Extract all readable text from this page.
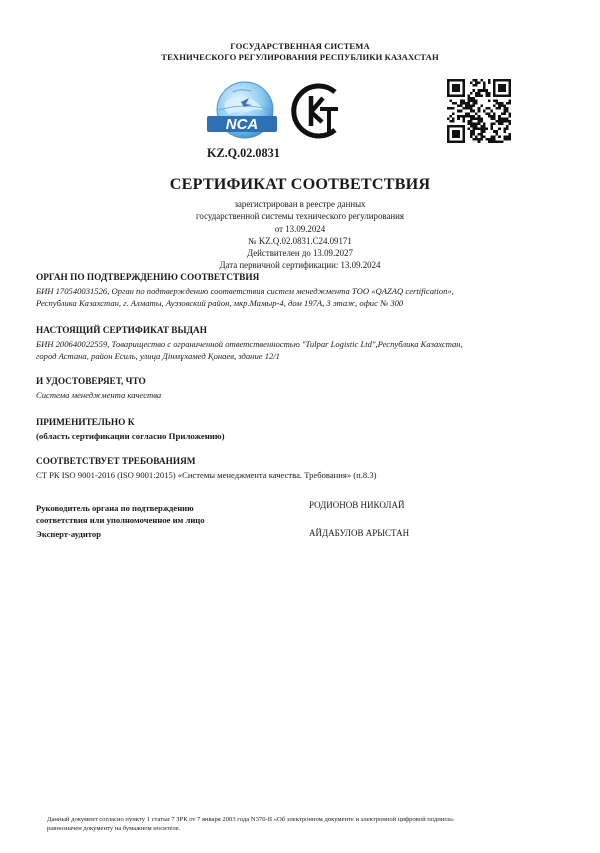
ГОСУДАРСТВЕННАЯ СИСТЕМА
ТЕХНИЧЕСКОГО РЕГУЛИРОВАНИЯ РЕСПУБЛИКИ КАЗАХСТАН
NCA
KZ.Q.02.0831
СЕРТИФИКАТ СООТВЕТСТВИЯ
зарегистрирован в реестре данных
государственной системы технического регулирования
от 13.09.2024
№ KZ.Q.02.0831.C24.09171
Действителен до 13.09.2027
Дата первичной сертификации: 13.09.2024
ОРГАН ПО ПОДТВЕРЖДЕНИЮ СООТВЕТСТВИЯ
БИН 170540031526, Орган по подтверждению соответствия систем менеджмента ТОО «QAZAQ certification»,
Республика Казахстан, г. Алматы, Ауэзовский район, мкр.Мамыр-4, дом 197А, 3 этаж, офис № 300
НАСТОЯЩИЙ СЕРТИФИКАТ ВЫДАН
БИН 200640022559, Товарищество с ограниченной ответственностью "Tulpar Logistic Ltd",Республика Казахстан,
город Астана, район Есиль, улица Дінмұхамед Қонаев, здание 12/1
И УДОСТОВЕРЯЕТ, ЧТО
Система менеджмента качества
ПРИМЕНИТЕЛЬНО К
(область сертификации согласно Приложению)
СООТВЕТСТВУЕТ ТРЕБОВАНИЯМ
СТ РК ISO 9001-2016 (ISO 9001:2015) «Системы менеджмента качества. Требования» (п.8.3)
Руководитель органа по подтверждению
соответствия или уполномоченное им лицо
РОДИОНОВ НИКОЛАЙ
Эксперт-аудитор	АЙДАБУЛОВ АРЫСТАН
Данный документ согласно пункту 1 статьи 7 ЗРК от 7 января 2003 года N370-II «Об электронном документе и электронной цифровой подписи»
равнозначен документу на бумажном носителе.
